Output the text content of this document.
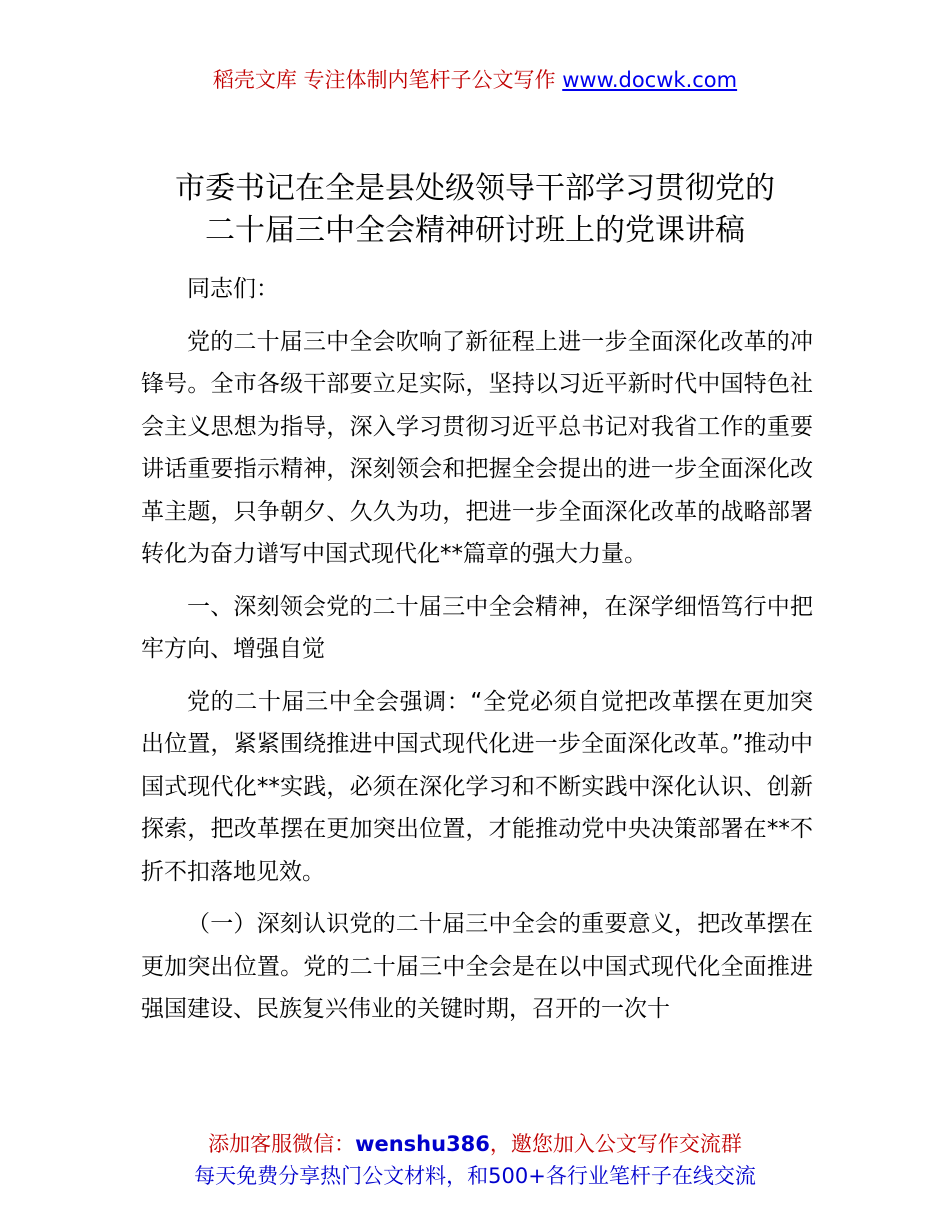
稻壳文库 专注体制内笔杆子公文写作 www.docwk.com
市委书记在全是县处级领导干部学习贯彻党的
二十届三中全会精神研讨班上的党课讲稿

同志们：

党的二十届三中全会吹响了新征程上进一步全面深化改革的冲锋号。全市各级干部要立足实际，坚持以习近平新时代中国特色社会主义思想为指导，深入学习贯彻习近平总书记对我省工作的重要讲话重要指示精神，深刻领会和把握全会提出的进一步全面深化改革主题，只争朝夕、久久为功，把进一步全面深化改革的战略部署转化为奋力谱写中国式现代化**篇章的强大力量。

一、深刻领会党的二十届三中全会精神，在深学细悟笃行中把牢方向、增强自觉

党的二十届三中全会强调：“全党必须自觉把改革摆在更加突出位置，紧紧围绕推进中国式现代化进一步全面深化改革。”推动中国式现代化**实践，必须在深化学习和不断实践中深化认识、创新探索，把改革摆在更加突出位置，才能推动党中央决策部署在**不折不扣落地见效。

（一）深刻认识党的二十届三中全会的重要意义，把改革摆在更加突出位置。党的二十届三中全会是在以中国式现代化全面推进强国建设、民族复兴伟业的关键时期，召开的一次十

添加客服微信：wenshu386，邀您加入公文写作交流群
每天免费分享热门公文材料，和500+各行业笔杆子在线交流
